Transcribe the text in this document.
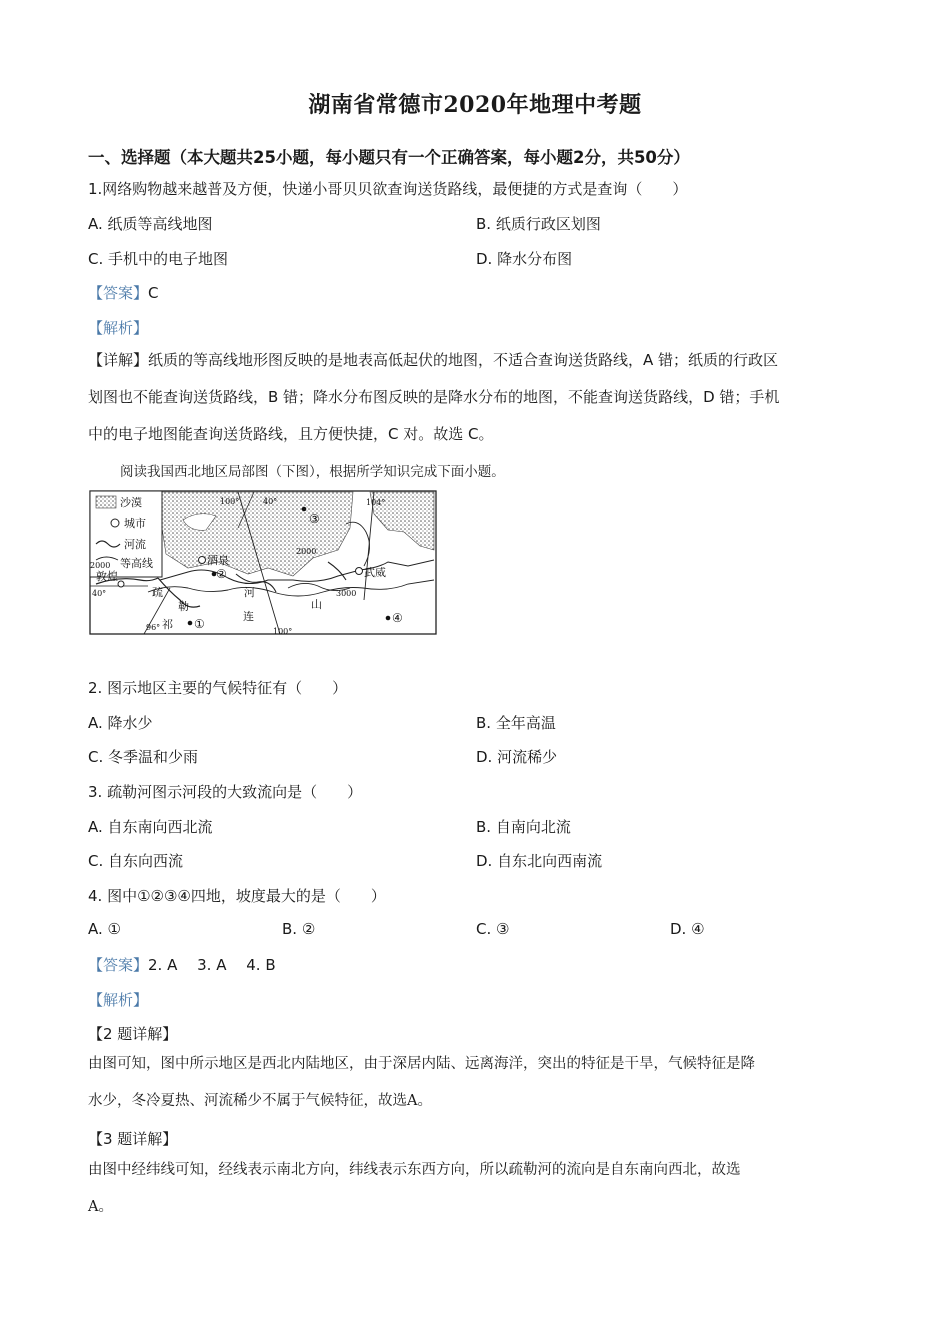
湖南省常德市2020年地理中考题
一、选择题（本大题共25小题，每小题只有一个正确答案，每小题2分，共50分）
1.网络购物越来越普及方便，快递小哥贝贝欲查询送货路线，最便捷的方式是查询（　　）
A. 纸质等高线地图	B. 纸质行政区划图
C. 手机中的电子地图	D. 降水分布图
【答案】C
【解析】
【详解】纸质的等高线地形图反映的是地表高低起伏的地图，不适合查询送货路线，A 错；纸质的行政区
划图也不能查询送货路线，B 错；降水分布图反映的是降水分布的地图，不能查询送货路线，D 错；手机
中的电子地图能查询送货路线，且方便快捷，C 对。故选 C。
阅读我国西北地区局部图（下图），根据所学知识完成下面小题。
沙漠
城市
河流
等高线
2000
100°	40°	104°
40°
96°	100°
酒泉
武威
敦煌
2000
3000
疏
勒
河
祁
连
山
①
②
③
④
2. 图示地区主要的气候特征有（　　）
A. 降水少	B. 全年高温
C. 冬季温和少雨	D. 河流稀少
3. 疏勒河图示河段的大致流向是（　　）
A. 自东南向西北流	B. 自南向北流
C. 自东向西流	D. 自东北向西南流
4. 图中①②③④四地，坡度最大的是（　　）
A. ①	B. ②	C. ③	D. ④
【答案】2. A　 3. A　 4. B
【解析】
【2 题详解】
由图可知，图中所示地区是西北内陆地区，由于深居内陆、远离海洋，突出的特征是干旱，气候特征是降
水少，冬冷夏热、河流稀少不属于气候特征，故选A。
【3 题详解】
由图中经纬线可知，经线表示南北方向，纬线表示东西方向，所以疏勒河的流向是自东南向西北，故选
A。
